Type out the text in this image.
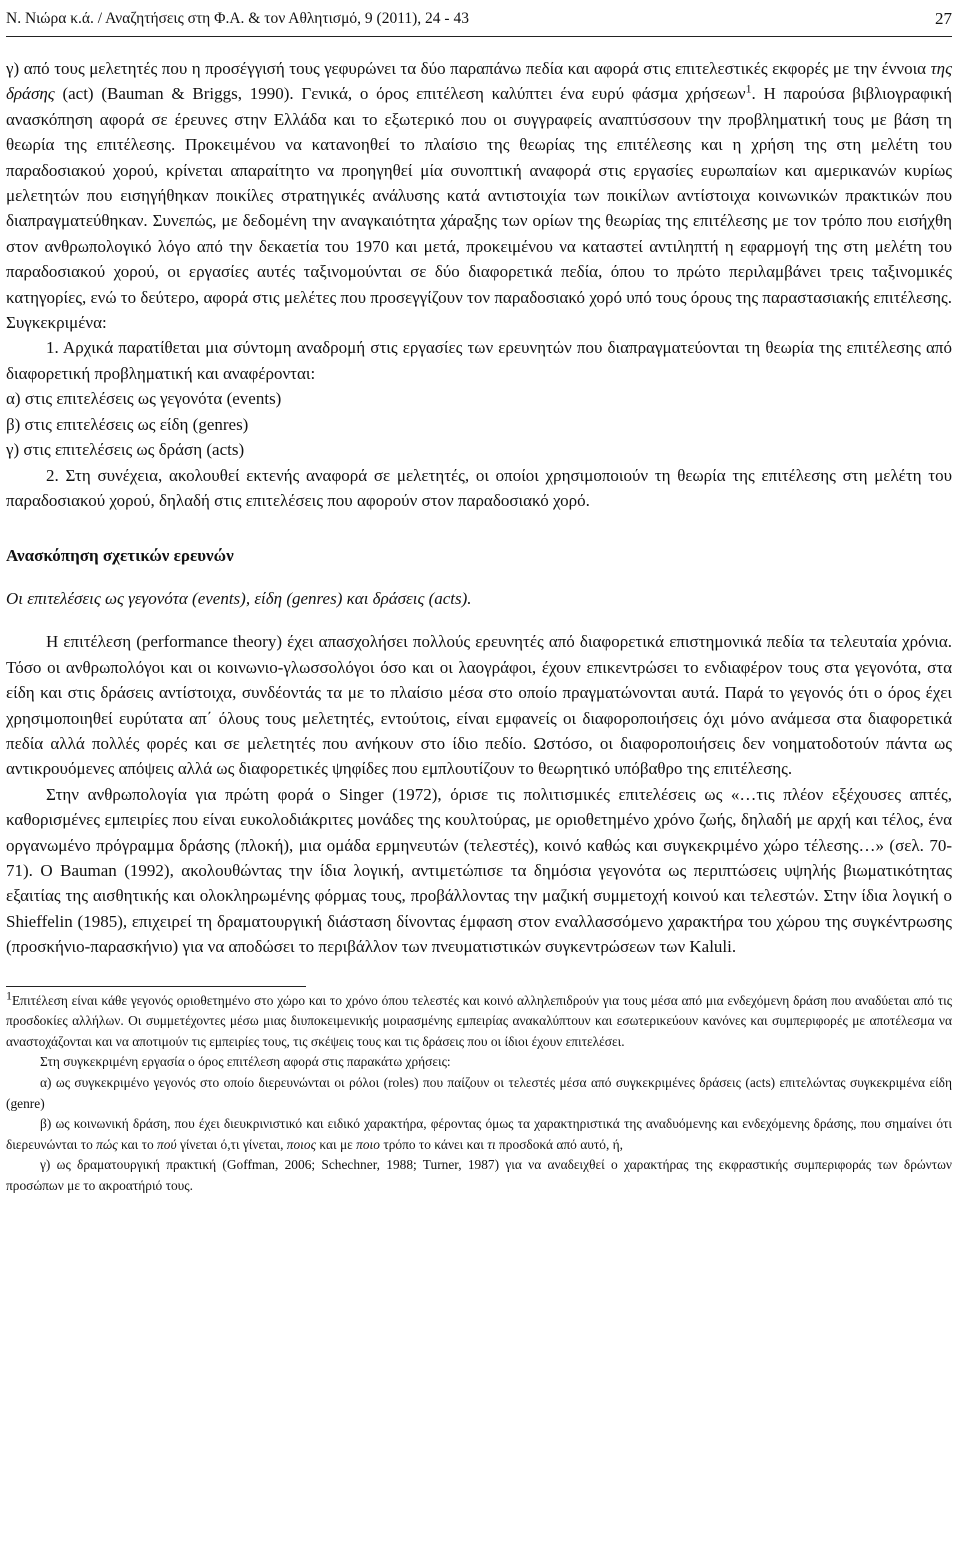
Ν. Νιώρα κ.ά. / Αναζητήσεις στη Φ.Α. & τον Αθλητισμό, 9 (2011), 24 - 43	27

γ) από τους μελετητές που η προσέγγισή τους γεφυρώνει τα δύο παραπάνω πεδία και αφορά στις επιτελεστικές εκφορές με την έννοια της δράσης (act) (Bauman & Briggs, 1990). Γενικά, ο όρος επιτέλεση καλύπτει ένα ευρύ φάσμα χρήσεων$^1$. Η παρούσα βιβλιογραφική ανασκόπηση αφορά σε έρευνες στην Ελλάδα και το εξωτερικό που οι συγγραφείς αναπτύσσουν την προβληματική τους με βάση τη θεωρία της επιτέλεσης. Προκειμένου να κατανοηθεί το πλαίσιο της θεωρίας της επιτέλεσης και η χρήση της στη μελέτη του παραδοσιακού χορού, κρίνεται απαραίτητο να προηγηθεί μία συνοπτική αναφορά στις εργασίες ευρωπαίων και αμερικανών κυρίως μελετητών που εισηγήθηκαν ποικίλες στρατηγικές ανάλυσης κατά αντιστοιχία των ποικίλων αντίστοιχα κοινωνικών πρακτικών που διαπραγματεύθηκαν. Συνεπώς, με δεδομένη την αναγκαιότητα χάραξης των ορίων της θεωρίας της επιτέλεσης με τον τρόπο που εισήχθη στον ανθρωπολογικό λόγο από την δεκαετία του 1970 και μετά, προκειμένου να καταστεί αντιληπτή η εφαρμογή της στη μελέτη του παραδοσιακού χορού, οι εργασίες αυτές ταξινομούνται σε δύο διαφορετικά πεδία, όπου το πρώτο περιλαμβάνει τρεις ταξινομικές κατηγορίες, ενώ το δεύτερο, αφορά στις μελέτες που προσεγγίζουν τον παραδοσιακό χορό υπό τους όρους της παραστασιακής επιτέλεσης. Συγκεκριμένα:

1. Αρχικά παρατίθεται μια σύντομη αναδρομή στις εργασίες των ερευνητών που διαπραγματεύονται τη θεωρία της επιτέλεσης από διαφορετική προβληματική και αναφέρονται:

α) στις επιτελέσεις ως γεγονότα (events)

β) στις επιτελέσεις ως είδη (genres)

γ) στις επιτελέσεις ως δράση (acts)

2. Στη συνέχεια, ακολουθεί εκτενής αναφορά σε μελετητές, οι οποίοι χρησιμοποιούν τη θεωρία της επιτέλεσης στη μελέτη του παραδοσιακού χορού, δηλαδή στις επιτελέσεις που αφορούν στον παραδοσιακό χορό.

Ανασκόπηση σχετικών ερευνών

Οι επιτελέσεις ως γεγονότα (events), είδη (genres) και δράσεις (acts).

Η επιτέλεση (performance theory) έχει απασχολήσει πολλούς ερευνητές από διαφορετικά επιστημονικά πεδία τα τελευταία χρόνια. Τόσο οι ανθρωπολόγοι και οι κοινωνιο-γλωσσολόγοι όσο και οι λαογράφοι, έχουν επικεντρώσει το ενδιαφέρον τους στα γεγονότα, στα είδη και στις δράσεις αντίστοιχα, συνδέοντάς τα με το πλαίσιο μέσα στο οποίο πραγματώνονται αυτά. Παρά το γεγονός ότι ο όρος έχει χρησιμοποιηθεί ευρύτατα απ΄ όλους τους μελετητές, εντούτοις, είναι εμφανείς οι διαφοροποιήσεις όχι μόνο ανάμεσα στα διαφορετικά πεδία αλλά πολλές φορές και σε μελετητές που ανήκουν στο ίδιο πεδίο. Ωστόσο, οι διαφοροποιήσεις δεν νοηματοδοτούν πάντα ως αντικρουόμενες απόψεις αλλά ως διαφορετικές ψηφίδες που εμπλουτίζουν το θεωρητικό υπόβαθρο της επιτέλεσης.

Στην ανθρωπολογία για πρώτη φορά ο Singer (1972), όρισε τις πολιτισμικές επιτελέσεις ως «…τις πλέον εξέχουσες απτές, καθορισμένες εμπειρίες που είναι ευκολοδιάκριτες μονάδες της κουλτούρας, με οριοθετημένο χρόνο ζωής, δηλαδή με αρχή και τέλος, ένα οργανωμένο πρόγραμμα δράσης (πλοκή), μια ομάδα ερμηνευτών (τελεστές), κοινό καθώς και συγκεκριμένο χώρο τέλεσης…» (σελ. 70-71). Ο Bauman (1992), ακολουθώντας την ίδια λογική, αντιμετώπισε τα δημόσια γεγονότα ως περιπτώσεις υψηλής βιωματικότητας εξαιτίας της αισθητικής και ολοκληρωμένης φόρμας τους, προβάλλοντας την μαζική συμμετοχή κοινού και τελεστών. Στην ίδια λογική ο Shieffelin (1985), επιχειρεί τη δραματουργική διάσταση δίνοντας έμφαση στον εναλλασσόμενο χαρακτήρα του χώρου της συγκέντρωσης (προσκήνιο-παρασκήνιο) για να αποδώσει το περιβάλλον των πνευματιστικών συγκεντρώσεων των Kaluli.

1Επιτέλεση είναι κάθε γεγονός οριοθετημένο στο χώρο και το χρόνο όπου τελεστές και κοινό αλληλεπιδρούν για τους μέσα από μια ενδεχόμενη δράση που αναδύεται από τις προσδοκίες αλλήλων. Οι συμμετέχοντες μέσω μιας διυποκειμενικής μοιρασμένης εμπειρίας ανακαλύπτουν και εσωτερικεύουν κανόνες και συμπεριφορές με αποτέλεσμα να αναστοχάζονται και να αποτιμούν τις εμπειρίες τους, τις σκέψεις τους και τις δράσεις που οι ίδιοι έχουν επιτελέσει.

Στη συγκεκριμένη εργασία ο όρος επιτέλεση αφορά στις παρακάτω χρήσεις:

α) ως συγκεκριμένο γεγονός στο οποίο διερευνώνται οι ρόλοι (roles) που παίζουν οι τελεστές μέσα από συγκεκριμένες δράσεις (acts) επιτελώντας συγκεκριμένα είδη (genre)

β) ως κοινωνική δράση, που έχει διευκρινιστικό και ειδικό χαρακτήρα, φέροντας όμως τα χαρακτηριστικά της αναδυόμενης και ενδεχόμενης δράσης, που σημαίνει ότι διερευνώνται το πώς και το πού γίνεται ό,τι γίνεται, ποιος και με ποιο τρόπο το κάνει και τι προσδοκά από αυτό, ή,

γ) ως δραματουργική πρακτική (Goffman, 2006; Schechner, 1988; Turner, 1987) για να αναδειχθεί ο χαρακτήρας της εκφραστικής συμπεριφοράς των δρώντων προσώπων με το ακροατήριό τους.
